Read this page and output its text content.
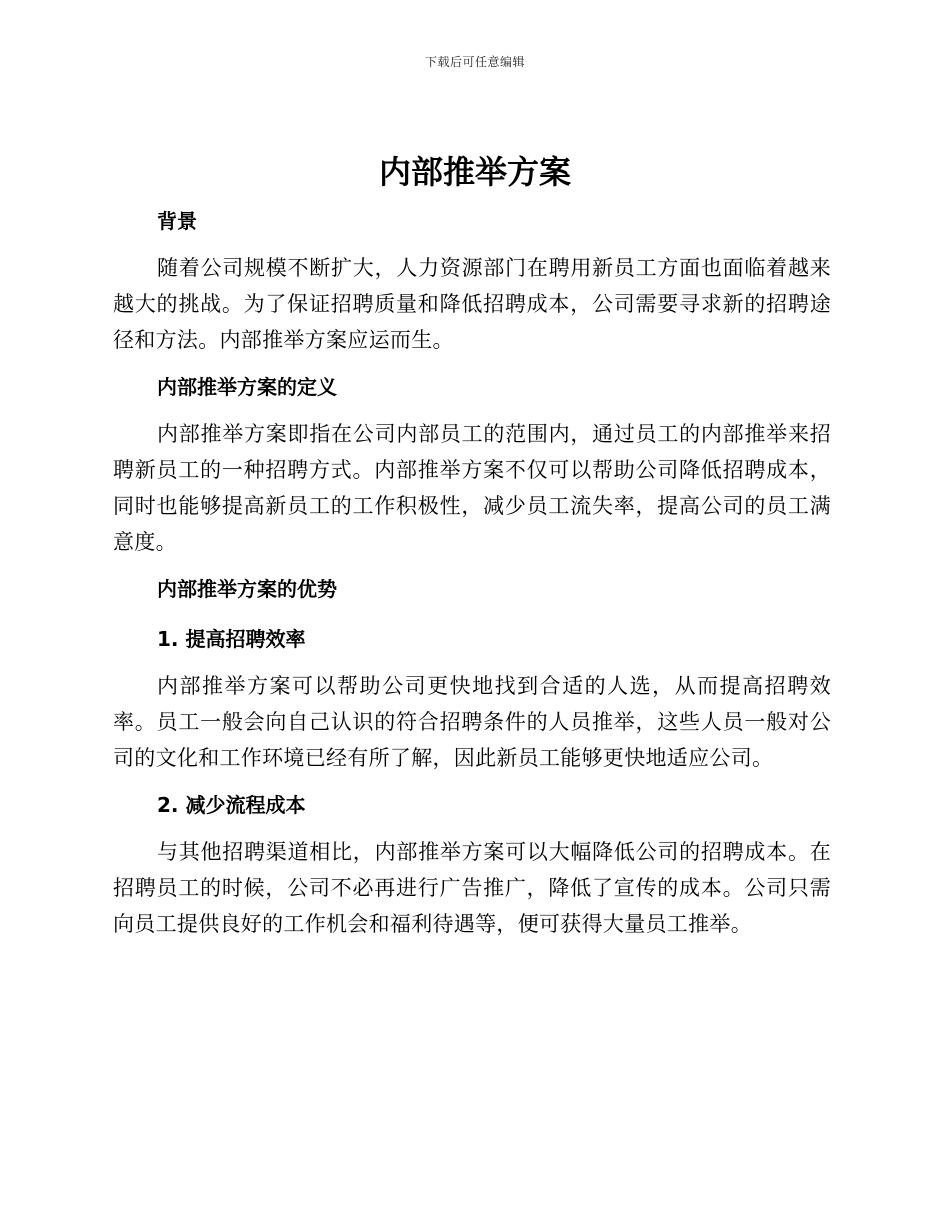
下载后可任意编辑
内部推举方案
背景

随着公司规模不断扩大，人力资源部门在聘用新员工方面也面临着越来越大的挑战。为了保证招聘质量和降低招聘成本，公司需要寻求新的招聘途径和方法。内部推举方案应运而生。

内部推举方案的定义

内部推举方案即指在公司内部员工的范围内，通过员工的内部推举来招聘新员工的一种招聘方式。内部推举方案不仅可以帮助公司降低招聘成本，同时也能够提高新员工的工作积极性，减少员工流失率，提高公司的员工满意度。

内部推举方案的优势
1. 提高招聘效率

内部推举方案可以帮助公司更快地找到合适的人选，从而提高招聘效率。员工一般会向自己认识的符合招聘条件的人员推举，这些人员一般对公司的文化和工作环境已经有所了解，因此新员工能够更快地适应公司。

2. 减少流程成本

与其他招聘渠道相比，内部推举方案可以大幅降低公司的招聘成本。在招聘员工的时候，公司不必再进行广告推广，降低了宣传的成本。公司只需向员工提供良好的工作机会和福利待遇等，便可获得大量员工推举。
